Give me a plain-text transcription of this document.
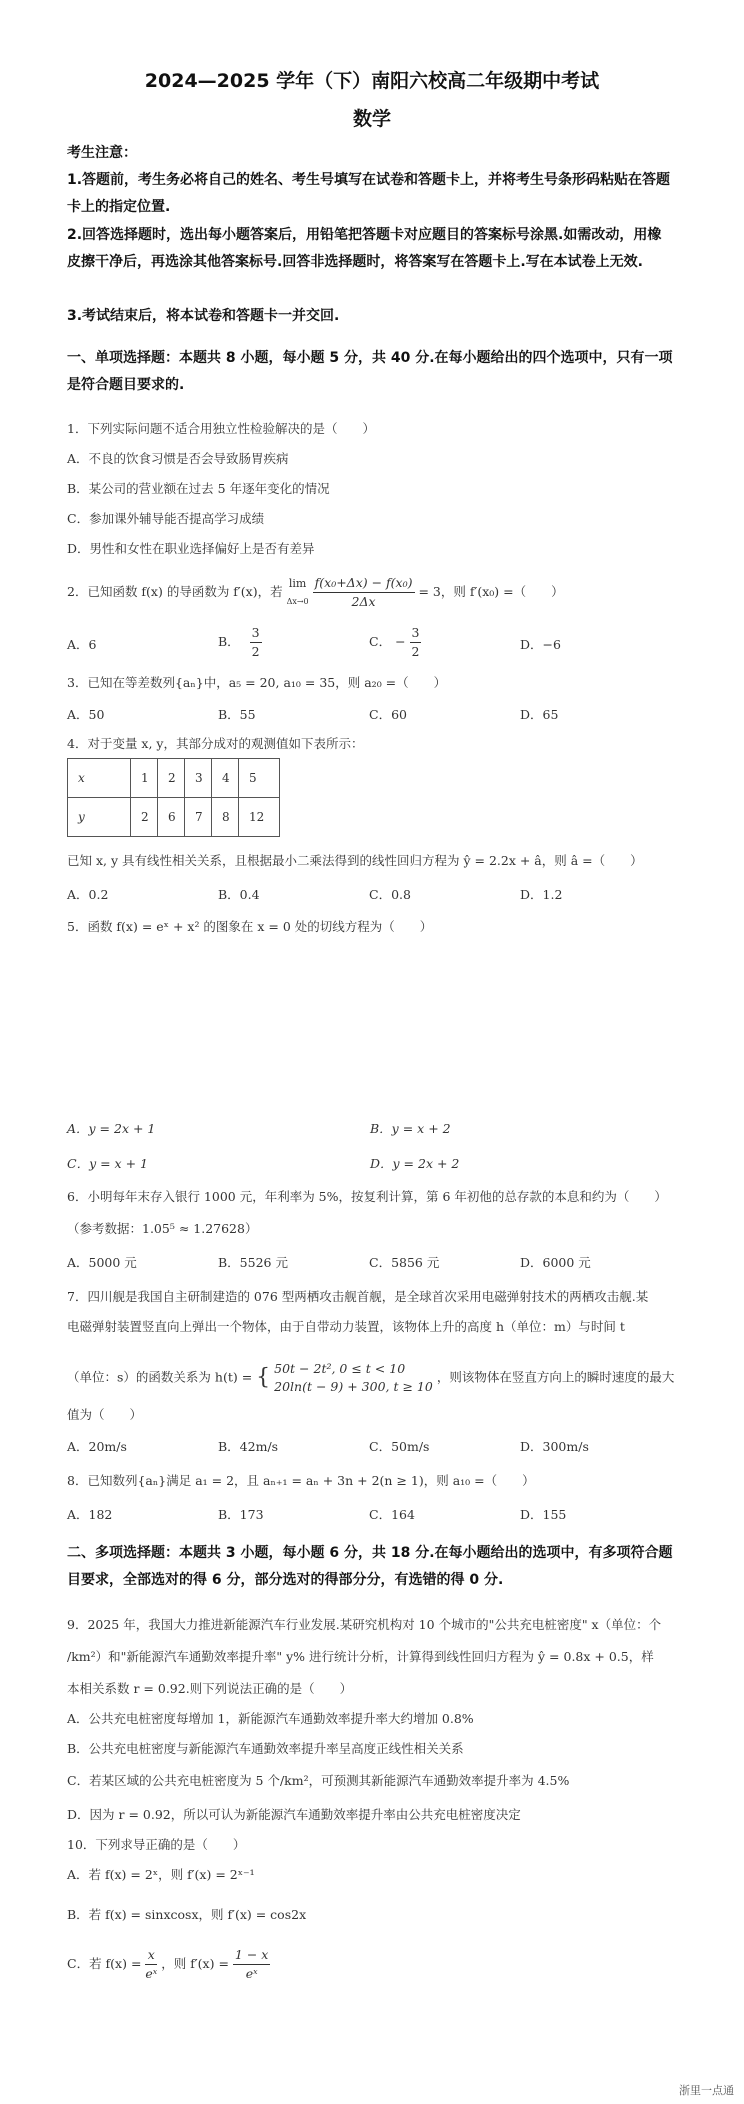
2024—2025 学年（下）南阳六校高二年级期中考试
数学
考生注意：
1.答题前，考生务必将自己的姓名、考生号填写在试卷和答题卡上，并将考生号条形码粘贴在答题卡上的指定位置.
2.回答选择题时，选出每小题答案后，用铅笔把答题卡对应题目的答案标号涂黑.如需改动，用橡皮擦干净后，再选涂其他答案标号.回答非选择题时，将答案写在答题卡上.写在本试卷上无效.
3.考试结束后，将本试卷和答题卡一并交回.
一、单项选择题：本题共 8 小题，每小题 5 分，共 40 分.在每小题给出的四个选项中，只有一项是符合题目要求的.
1．下列实际问题不适合用独立性检验解决的是（　　）
A．不良的饮食习惯是否会导致肠胃疾病
B．某公司的营业额在过去 5 年逐年变化的情况
C．参加课外辅导能否提高学习成绩
D．男性和女性在职业选择偏好上是否有差异
2．已知函数 f(x) 的导函数为 f′(x)，若
lim
Δx→0
$\frac{\text{f(x₀+Δx) − f(x₀)}}{2\Delta x} = 3$，则 f′(x₀) =（　　）
A．6	B． $\frac{3}{2}$	C． − $\frac{3}{2}$	D．−6
3．已知在等差数列{aₙ}中，a₅ = 20, a₁₀ = 35，则 a₂₀ =（　　）
A．50	B．55	C．60	D．65
4．对于变量 x, y，其部分成对的观测值如下表所示：
x	1	2	3	4	5
y	2	6	7	8	12
已知 x, y 具有线性相关关系，且根据最小二乘法得到的线性回归方程为 ŷ = 2.2x + â，则 â =（　　）
A．0.2	B．0.4	C．0.8	D．1.2
5．函数 f(x) = eˣ + x² 的图象在 x = 0 处的切线方程为（　　）
A．y = 2x + 1	B．y = x + 2
C．y = x + 1	D．y = 2x + 2
6．小明每年末存入银行 1000 元，年利率为 5%，按复利计算，第 6 年初他的总存款的本息和约为（　　）
（参考数据：1.05⁵ ≈ 1.27628）
A．5000 元	B．5526 元	C．5856 元	D．6000 元
7．四川舰是我国自主研制建造的 076 型两栖攻击舰首舰，是全球首次采用电磁弹射技术的两栖攻击舰.某
电磁弹射装置竖直向上弹出一个物体，由于自带动力装置，该物体上升的高度 h（单位：m）与时间 t
（单位：s）的函数关系为 h(t) = { 50t − 2t², 0 ≤ t < 10
20ln(t − 9) + 300, t ≥ 10
，则该物体在竖直方向上的瞬时速度的最大
值为（　　）
A．20m/s	B．42m/s	C．50m/s	D．300m/s
8．已知数列{aₙ}满足 a₁ = 2，且 aₙ₊₁ = aₙ + 3n + 2(n ≥ 1)，则 a₁₀ =（　　）
A．182	B．173	C．164	D．155
二、多项选择题：本题共 3 小题，每小题 6 分，共 18 分.在每小题给出的选项中，有多项符合题目要求，全部选对的得 6 分，部分选对的得部分分，有选错的得 0 分.
9．2025 年，我国大力推进新能源汽车行业发展.某研究机构对 10 个城市的"公共充电桩密度" x（单位：个
/km²）和"新能源汽车通勤效率提升率" y% 进行统计分析，计算得到线性回归方程为 ŷ = 0.8x + 0.5，样
本相关系数 r = 0.92.则下列说法正确的是（　　）
A．公共充电桩密度每增加 1，新能源汽车通勤效率提升率大约增加 0.8%
B．公共充电桩密度与新能源汽车通勤效率提升率呈高度正线性相关关系
C．若某区域的公共充电桩密度为 5 个/km²，可预测其新能源汽车通勤效率提升率为 4.5%
D．因为 r = 0.92，所以可认为新能源汽车通勤效率提升率由公共充电桩密度决定
10．下列求导正确的是（　　）
A．若 f(x) = 2ˣ，则 f′(x) = 2ˣ⁻¹
B．若 f(x) = sinxcosx，则 f′(x) = cos2x
C．若 $f(x) = \frac{x}{\text{eˣ}}$ ，则 $f'(x) = \frac{1 - x}{\text{eˣ}}$
浙里一点通
